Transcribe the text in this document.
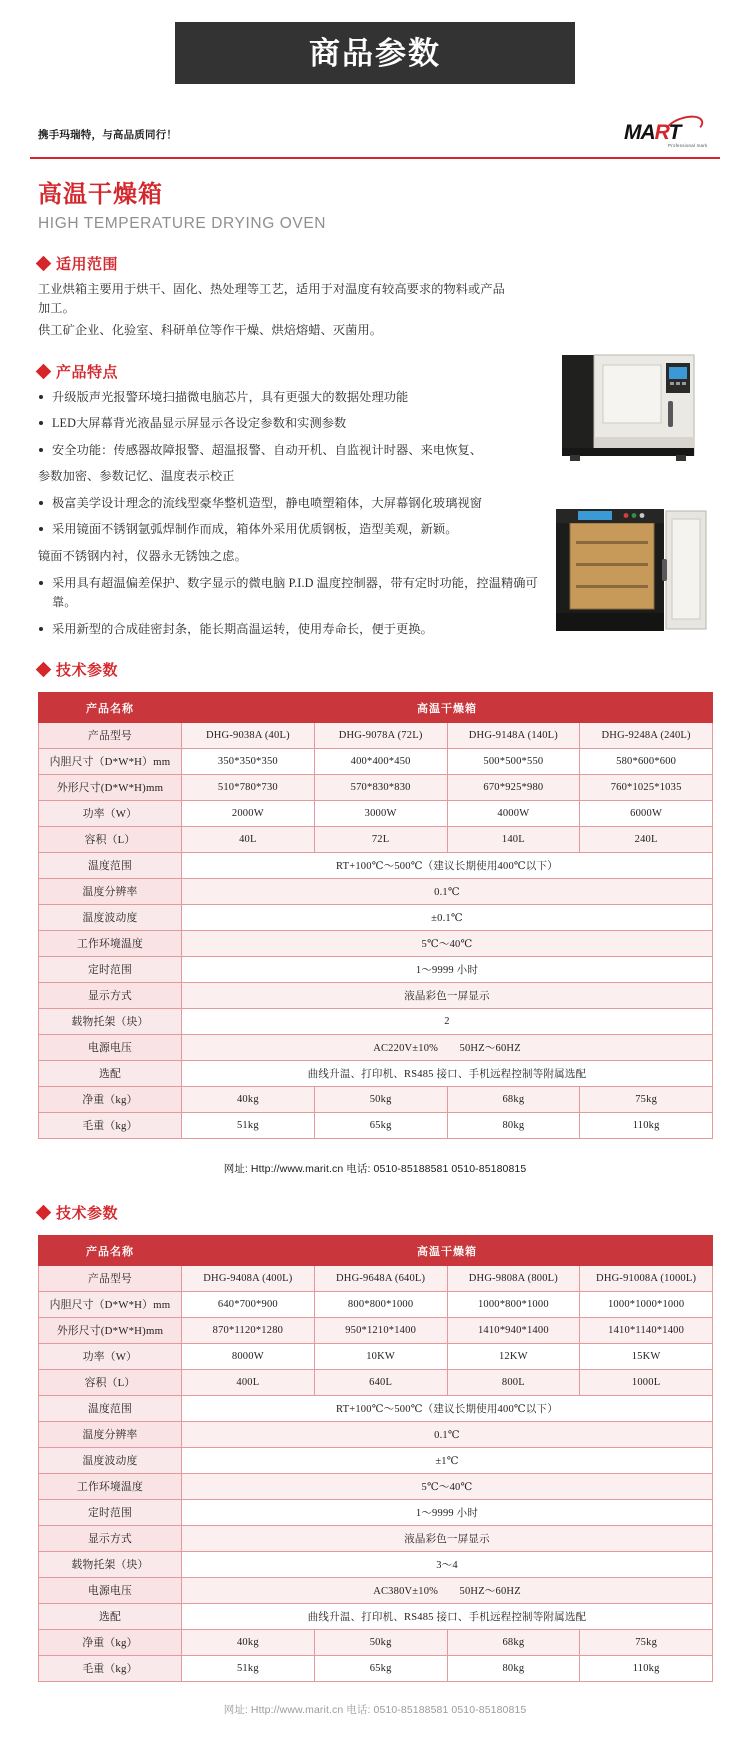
商品参数
携手玛瑞特，与高品质同行！	MART
Professional mark
高温干燥箱
HIGH TEMPERATURE DRYING OVEN
适用范围
工业烘箱主要用于烘干、固化、热处理等工艺，适用于对温度有较高要求的物料或产品加工。
供工矿企业、化验室、科研单位等作干燥、烘焙熔蜡、灭菌用。
产品特点
升级版声光报警环境扫描微电脑芯片，具有更强大的数据处理功能
LED大屏幕背光液晶显示屏显示各设定参数和实测参数
安全功能：传感器故障报警、超温报警、自动开机、自监视计时器、来电恢复、
参数加密、参数记忆、温度表示校正
极富美学设计理念的流线型豪华整机造型，静电喷塑箱体，大屏幕钢化玻璃视窗
采用镜面不锈钢氩弧焊制作而成，箱体外采用优质钢板，造型美观，新颖。
镜面不锈钢内衬，仪器永无锈蚀之虑。
采用具有超温偏差保护、数字显示的微电脑 P.I.D 温度控制器，带有定时功能，控温精确可靠。
采用新型的合成硅密封条，能长期高温运转，使用寿命长，便于更换。
技术参数
产品名称	高温干燥箱			
产品型号	DHG-9038A (40L)	DHG-9078A (72L)	DHG-9148A (140L)	DHG-9248A (240L)
内胆尺寸（D*W*H）mm	350*350*350	400*400*450	500*500*550	580*600*600
外形尺寸(D*W*H)mm	510*780*730	570*830*830	670*925*980	760*1025*1035
功率（W）	2000W	3000W	4000W	6000W
容积（L）	40L	72L	140L	240L
温度范围	RT+100℃～500℃（建议长期使用400℃以下）			
温度分辨率	0.1℃			
温度波动度	±0.1℃			
工作环境温度	5℃～40℃			
定时范围	1～9999 小时			
显示方式	液晶彩色一屏显示			
载物托架（块）	2			
电源电压	AC220V±10%　　50HZ～60HZ			
选配	曲线升温、打印机、RS485 接口、手机远程控制等附属选配			
净重（kg）	40kg	50kg	68kg	75kg
毛重（kg）	51kg	65kg	80kg	110kg
网址: Http://www.marit.cn 电话: 0510-85188581 0510-85180815
技术参数
产品名称	高温干燥箱			
产品型号	DHG-9408A (400L)	DHG-9648A (640L)	DHG-9808A (800L)	DHG-91008A (1000L)
内胆尺寸（D*W*H）mm	640*700*900	800*800*1000	1000*800*1000	1000*1000*1000
外形尺寸(D*W*H)mm	870*1120*1280	950*1210*1400	1410*940*1400	1410*1140*1400
功率（W）	8000W	10KW	12KW	15KW
容积（L）	400L	640L	800L	1000L
温度范围	RT+100℃～500℃（建议长期使用400℃以下）			
温度分辨率	0.1℃			
温度波动度	±1℃			
工作环境温度	5℃～40℃			
定时范围	1～9999 小时			
显示方式	液晶彩色一屏显示			
载物托架（块）	3～4			
电源电压	AC380V±10%　　50HZ～60HZ			
选配	曲线升温、打印机、RS485 接口、手机远程控制等附属选配			
净重（kg）	40kg	50kg	68kg	75kg
毛重（kg）	51kg	65kg	80kg	110kg
网址: Http://www.marit.cn 电话: 0510-85188581 0510-85180815
